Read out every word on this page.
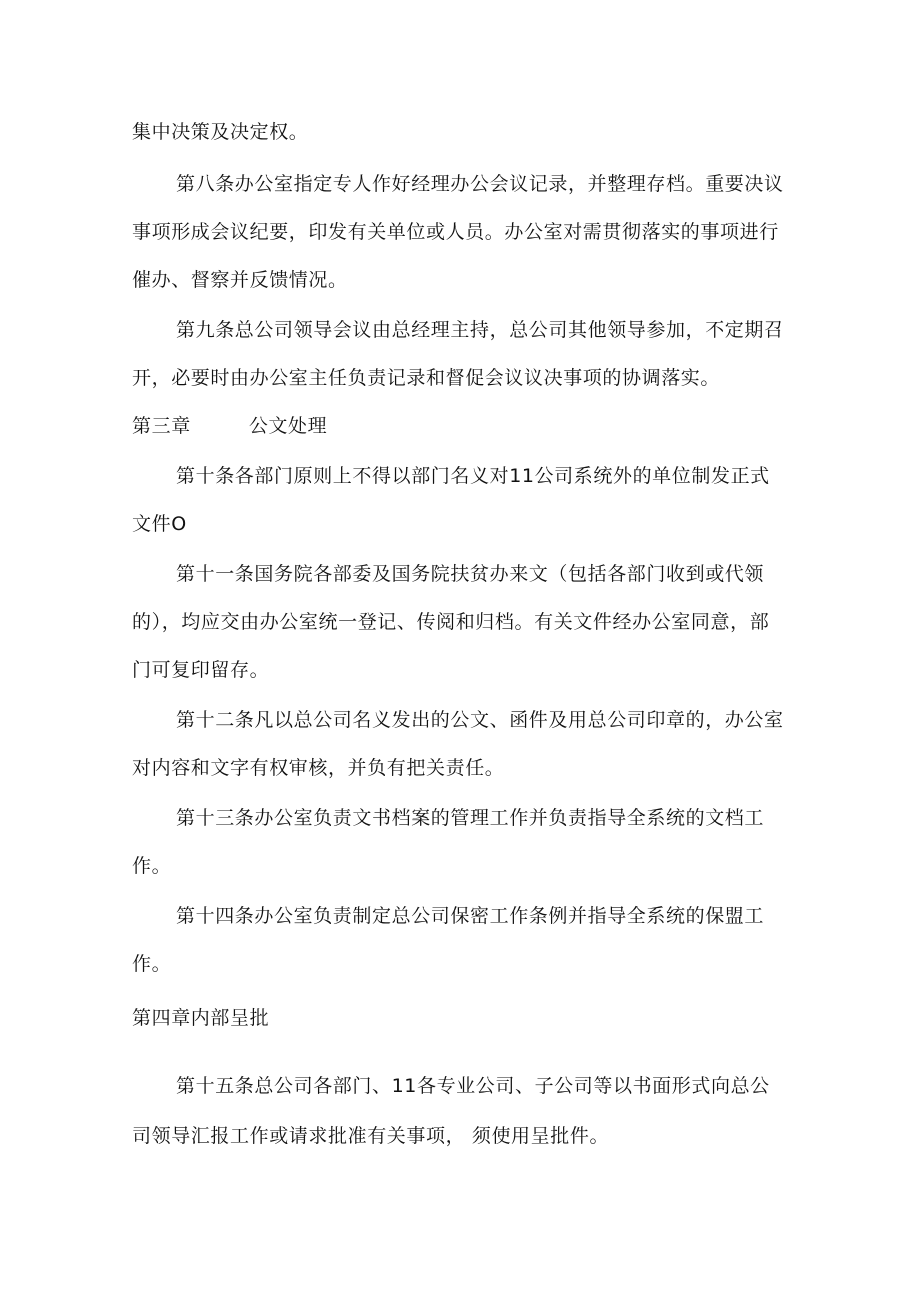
集中决策及决定权。
第八条办公室指定专人作好经理办公会议记录，并整理存档。重要决议
事项形成会议纪要，印发有关单位或人员。办公室对需贯彻落实的事项进行
催办、督察并反馈情况。
第九条总公司领导会议由总经理主持，总公司其他领导参加，不定期召
开，必要时由办公室主任负责记录和督促会议议决事项的协调落实。
第三章	公文处理
第十条各部门原则上不得以部门名义对11公司系统外的单位制发正式
文件O
第十一条国务院各部委及国务院扶贫办来文（包括各部门收到或代领
的），均应交由办公室统一登记、传阅和归档。有关文件经办公室同意，部
门可复印留存。
第十二条凡以总公司名义发出的公文、函件及用总公司印章的，办公室
对内容和文字有权审核，并负有把关责任。
第十三条办公室负责文书档案的管理工作并负责指导全系统的文档工
作。
第十四条办公室负责制定总公司保密工作条例并指导全系统的保盟工
作。
第四章内部呈批
第十五条总公司各部门、11各专业公司、子公司等以书面形式向总公
司领导汇报工作或请求批准有关事项， 须使用呈批件。
